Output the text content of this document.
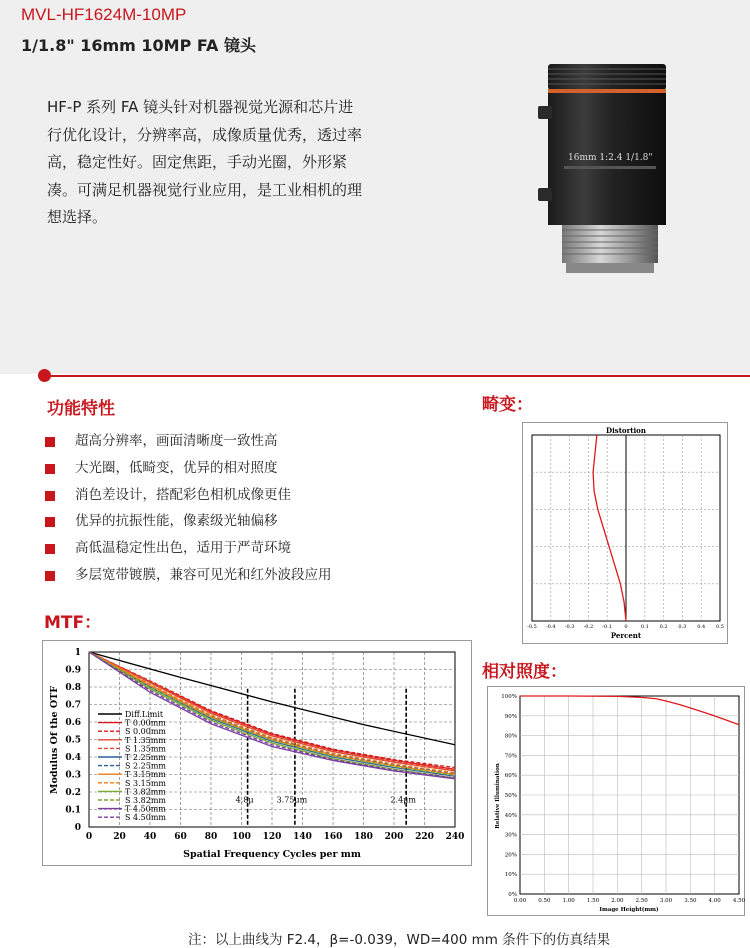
MVL-HF1624M-10MP
1/1.8" 16mm 10MP FA 镜头
HF-P 系列 FA 镜头针对机器视觉光源和芯片进行优化设计，分辨率高，成像质量优秀，透过率高，稳定性好。固定焦距，手动光圈，外形紧凑。可满足机器视觉行业应用，是工业相机的理想选择。
16mm 1:2.4 1/1.8"
功能特性
超高分辨率，画面清晰度一致性高
大光圈，低畸变，优异的相对照度
消色差设计，搭配彩色相机成像更佳
优异的抗振性能，像素级光轴偏移
高低温稳定性出色，适用于严苛环境
多层宽带镀膜，兼容可见光和红外波段应用
畸变：
MTF：
相对照度：
Distortion
Percent
-0.5 -0.4 -0.3 -0.2 -0.1 0	0.1 0.2 0.3 0.4 0.5
0 20 40 60 80 100 120 140 160 180 200 220 240
0
0.1
0.2
0.3
0.4
0.5
0.6
0.7
0.8
0.9
1
4.8μ	3.75μm	2.4μm
Diff.Limit
T 0.00mm
S 0.00mm
T 1.35mm
S 1.35mm
T 2.25mm
S 2.25mm
T 3.15mm
S 3.15mm
T 3.82mm
S 3.82mm
T 4.50mm
S 4.50mm
Spatial Frequency Cycles per mm
Modulus Of the OTF
0.00 0.50 1.00 1.50 2.00 2.50 3.00 3.50 4.00 4.50
0%
10%
20%
30%
40%
50%
60%
70%
80%
90%
100%
Image Height(mm)
Relative Illumination
注：以上曲线为 F2.4，β=-0.039，WD=400 mm 条件下的仿真结果
